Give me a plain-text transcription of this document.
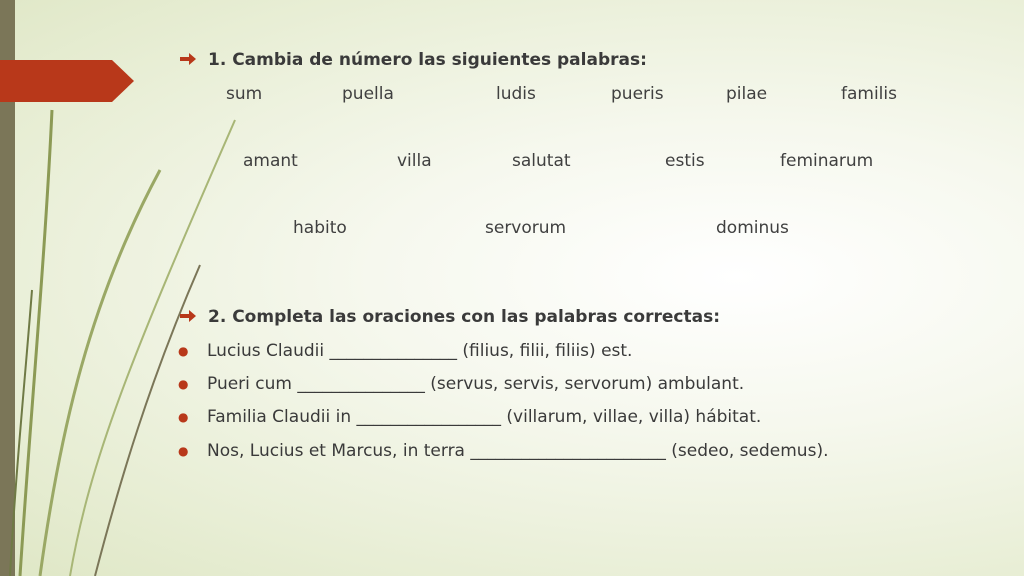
1. Cambia de número las siguientes palabras:
sum	puella	ludis	pueris	pilae	familis
amant	villa	salutat	estis	feminarum
habito	servorum	dominus
2. Completa las oraciones con las palabras correctas:
● Lucius Claudii _______________ (filius, filii, filiis) est.
● Pueri cum _______________ (servus, servis, servorum) ambulant.
● Familia Claudii in _________________ (villarum, villae, villa) hábitat.
● Nos, Lucius et Marcus, in terra _______________________ (sedeo, sedemus).
